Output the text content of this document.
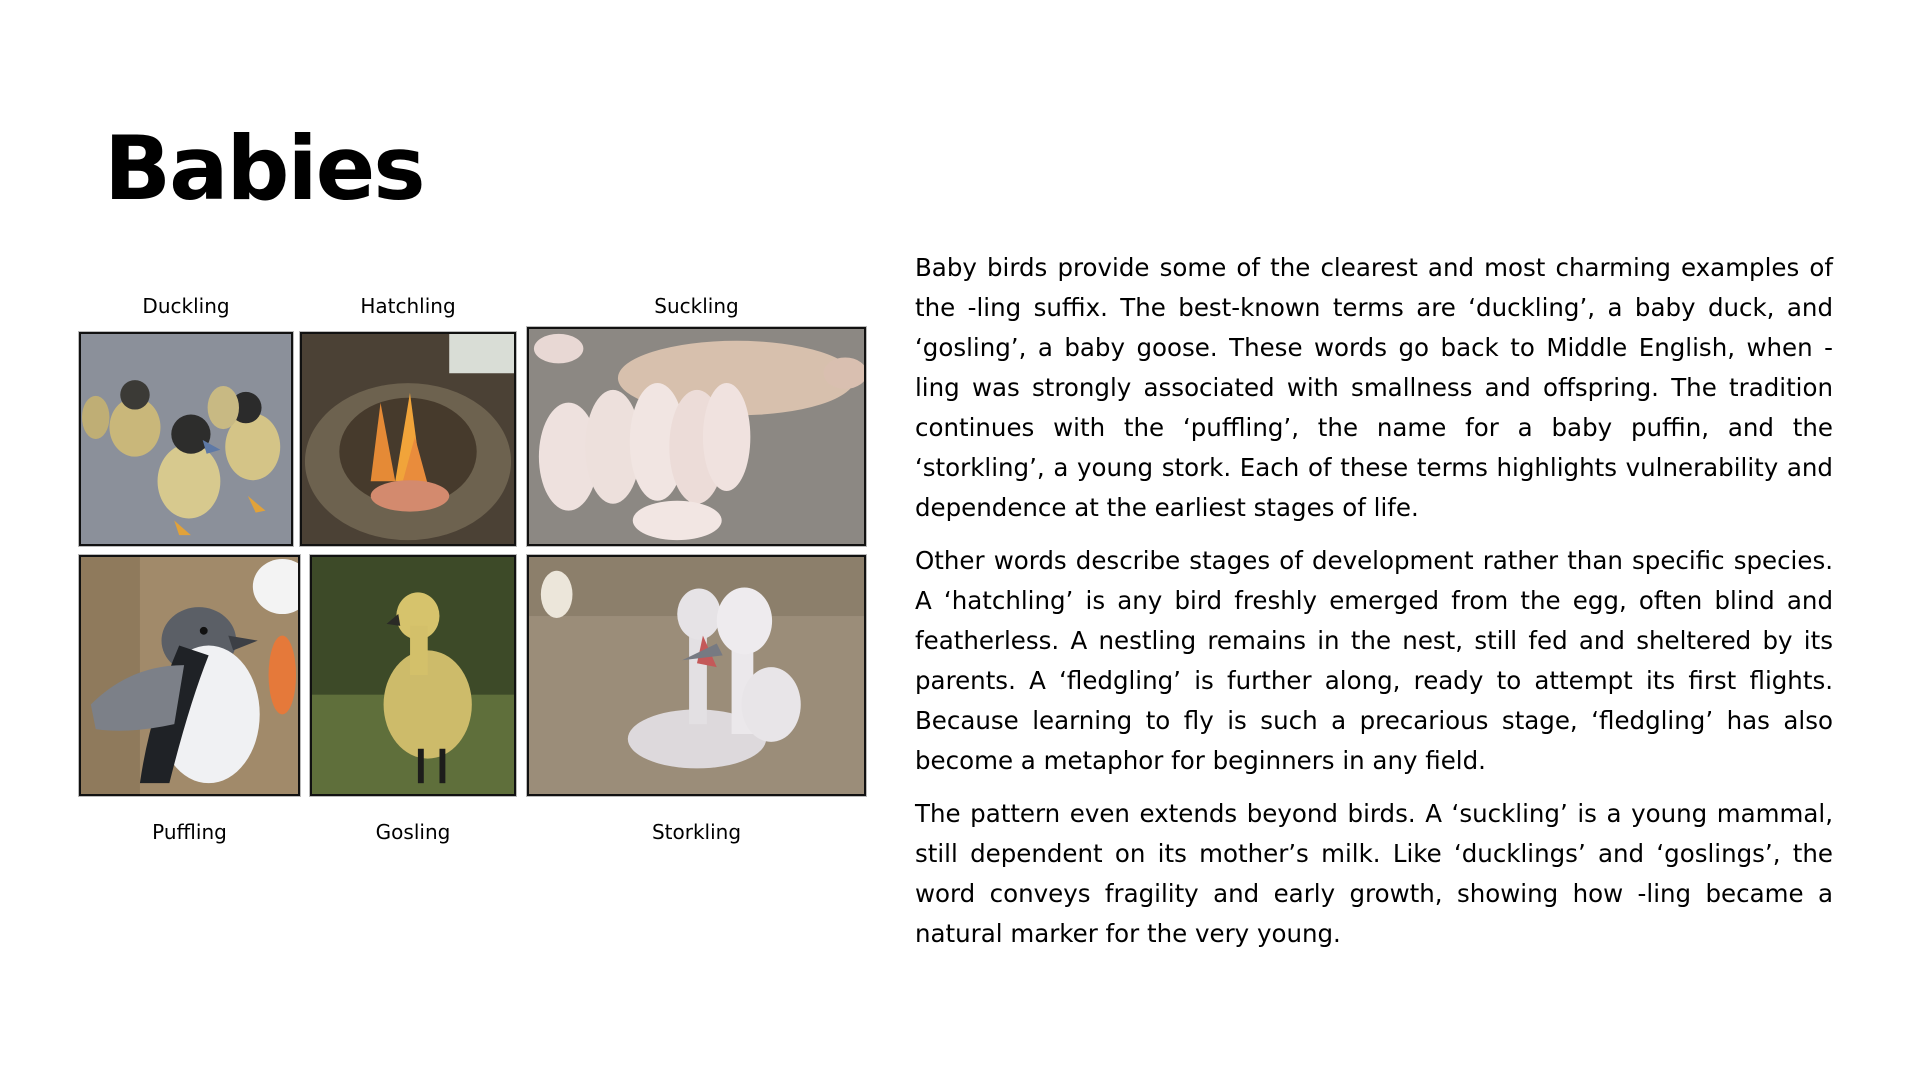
Babies
Duckling	Hatchling	Suckling
Puffling	Gosling	Storkling

Baby birds provide some of the clearest and most charming examples of the -ling suffix. The best-known terms are ‘duckling’, a baby duck, and ‘gosling’, a baby goose. These words go back to Middle English, when -ling was strongly associated with smallness and offspring. The tradition continues with the ‘puffling’, the name for a baby puffin, and the ‘storkling’, a young stork. Each of these terms highlights vulnerability and dependence at the earliest stages of life.

Other words describe stages of development rather than specific species. A ‘hatchling’ is any bird freshly emerged from the egg, often blind and featherless. A nestling remains in the nest, still fed and sheltered by its parents. A ‘fledgling’ is further along, ready to attempt its first flights. Because learning to fly is such a precarious stage, ‘fledgling’ has also become a metaphor for beginners in any field.

The pattern even extends beyond birds. A ‘suckling’ is a young mammal, still dependent on its mother’s milk. Like ‘ducklings’ and ‘goslings’, the word conveys fragility and early growth, showing how -ling became a natural marker for the very young.
